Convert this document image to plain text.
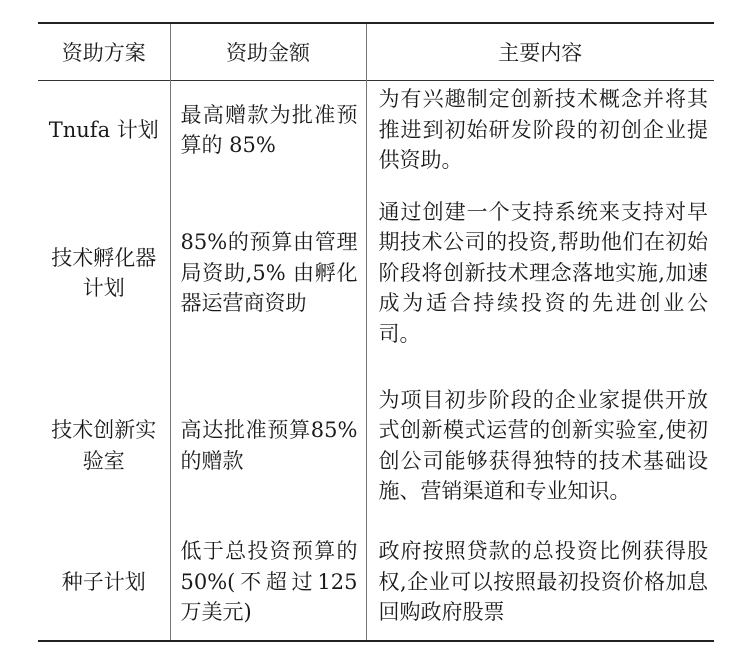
资助方案	资助金额	主要内容

Tnufa 计划	最高赠款为批准预算的 85%	为有兴趣制定创新技术概念并将其推进到初始研发阶段的初创企业提供资助。

技术孵化器计划	85%的预算由管理局资助,5% 由孵化器运营商资助	通过创建一个支持系统来支持对早期技术公司的投资,帮助他们在初始阶段将创新技术理念落地实施,加速成为适合持续投资的先进创业公司。

技术创新实验室	高达批准预算85%的赠款	为项目初步阶段的企业家提供开放式创新模式运营的创新实验室,使初创公司能够获得独特的技术基础设施、营销渠道和专业知识。

种子计划	低于总投资预算的 50%(不超过125 万美元)	政府按照贷款的总投资比例获得股权,企业可以按照最初投资价格加息回购政府股票
